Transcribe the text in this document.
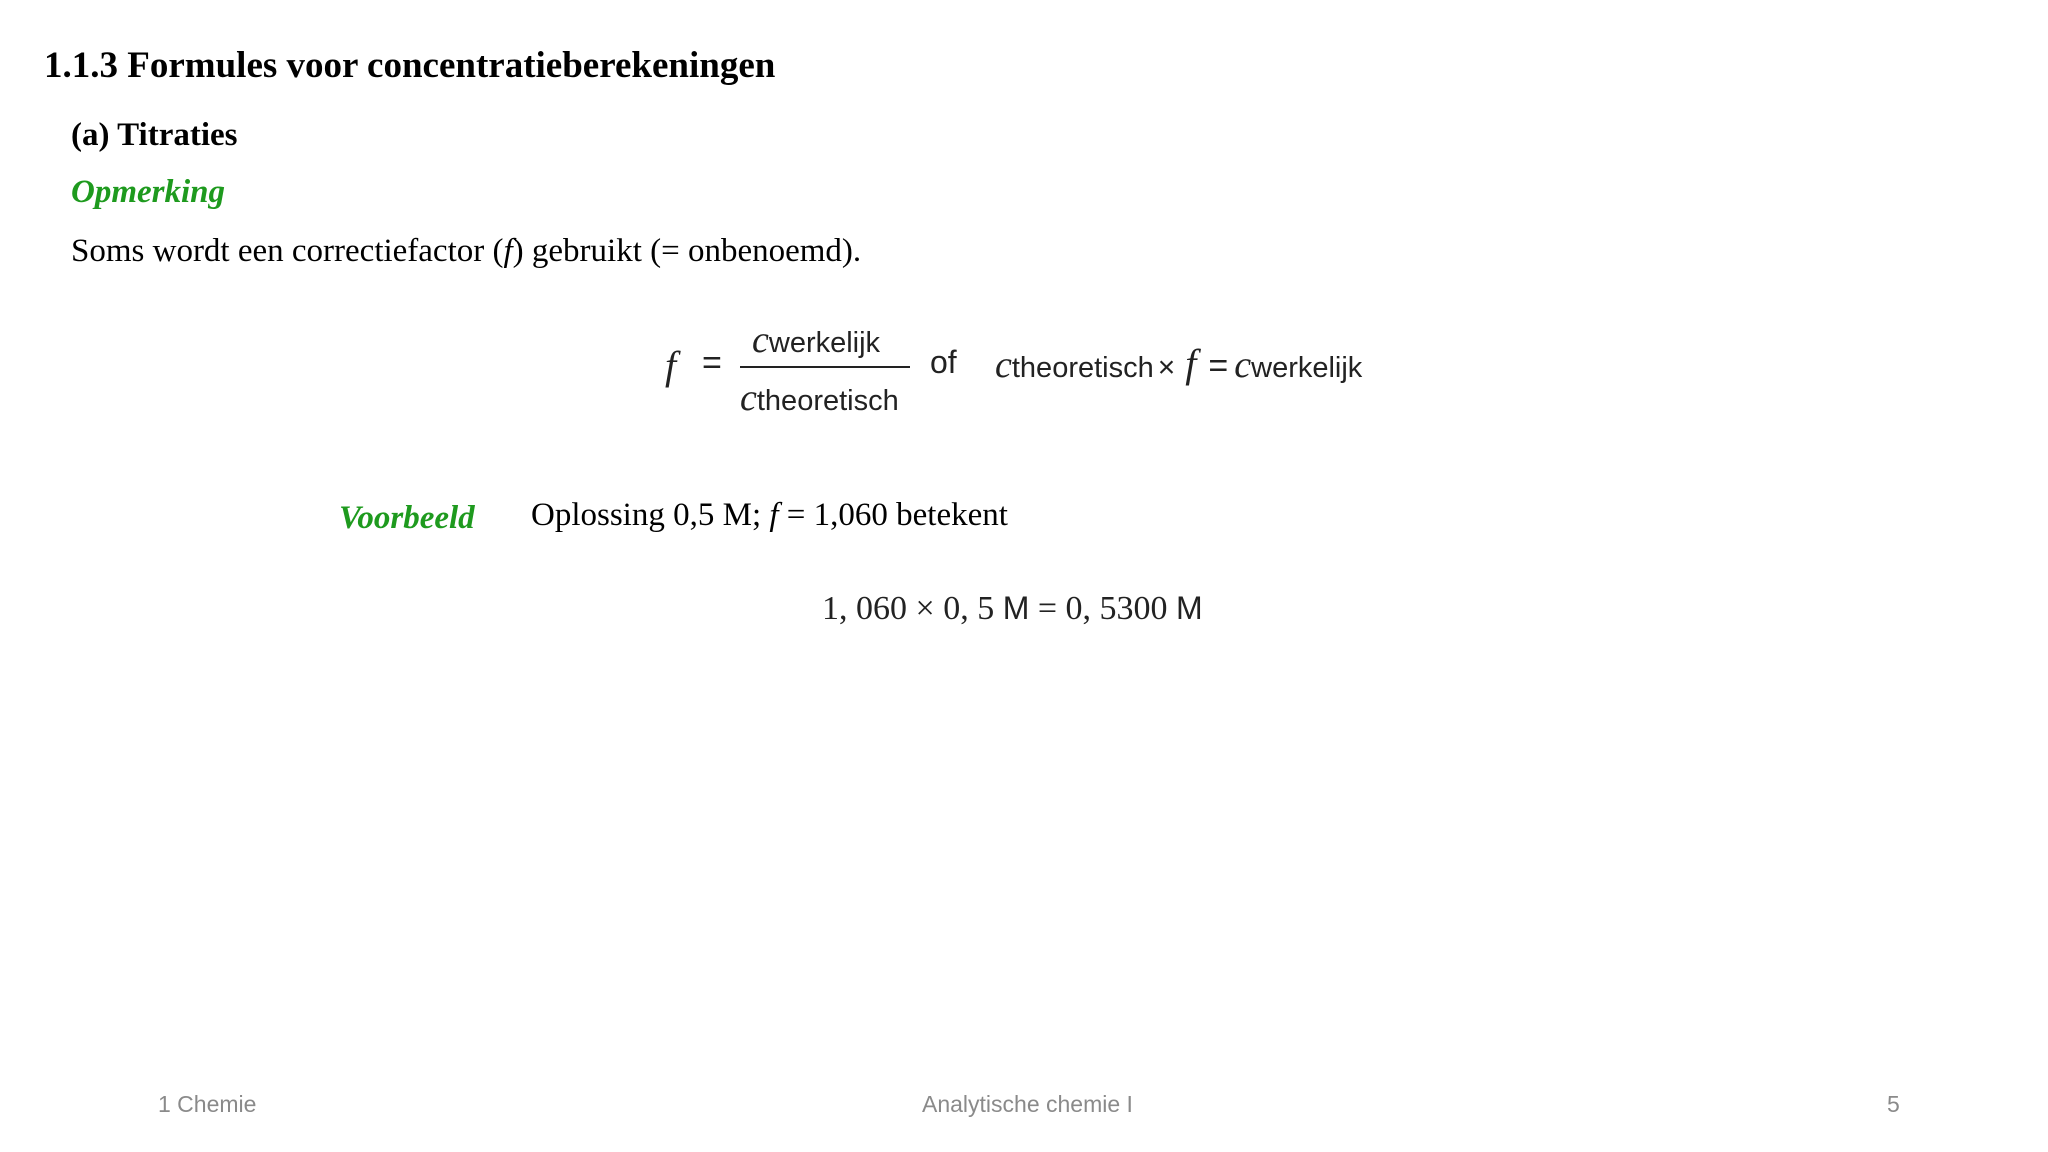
1.1.3 Formules voor concentratieberekeningen
(a) Titraties
Opmerking
Soms wordt een correctiefactor (f) gebruikt (= onbenoemd).
f =
cwerkelijk
ctheoretisch
of ctheoretisch × f = cwerkelijk
Voorbeeld Oplossing 0,5 M; f = 1,060 betekent
1, 060 × 0, 5 M = 0, 5300 M
1 Chemie	Analytische chemie I	5
